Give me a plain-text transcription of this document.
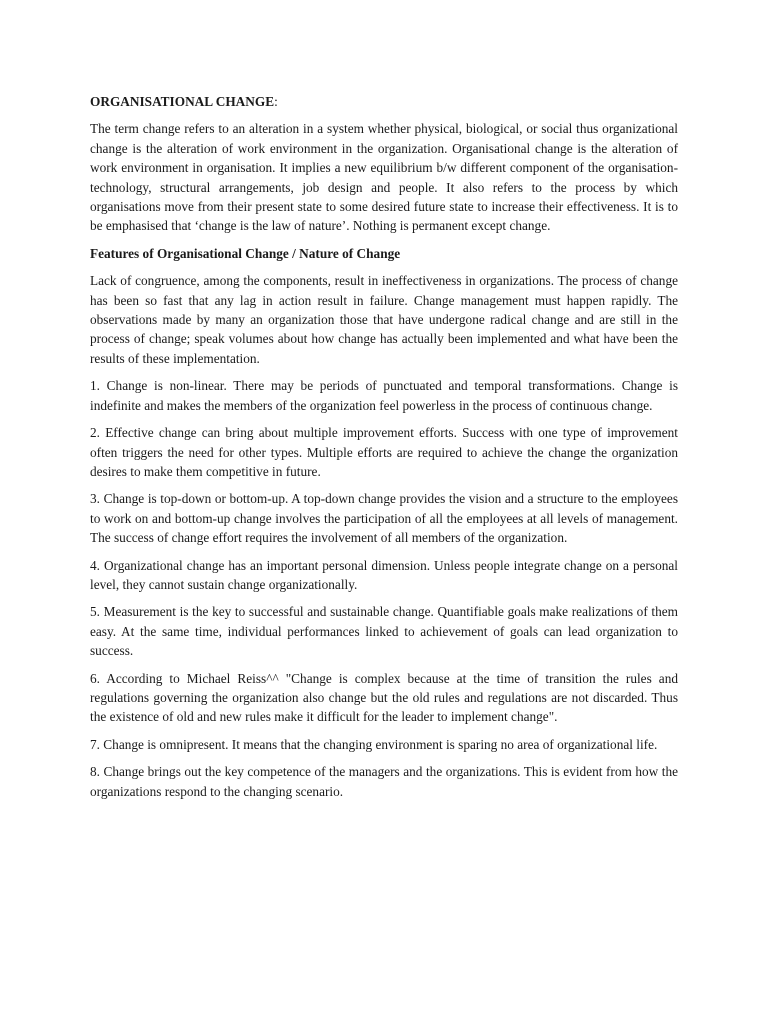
ORGANISATIONAL CHANGE:

The term change refers to an alteration in a system whether physical, biological, or social thus organizational change is the alteration of work environment in the organization. Organisational change is the alteration of work environment in organisation. It implies a new equilibrium b/w different component of the organisation-technology, structural arrangements, job design and people. It also refers to the process by which organisations move from their present state to some desired future state to increase their effectiveness. It is to be emphasised that ‘change is the law of nature’. Nothing is permanent except change.

Features of Organisational Change / Nature of Change

Lack of congruence, among the components, result in ineffectiveness in organizations. The process of change has been so fast that any lag in action result in failure. Change management must happen rapidly. The observations made by many an organization those that have undergone radical change and are still in the process of change; speak volumes about how change has actually been implemented and what have been the results of these implementation.

1. Change is non-linear. There may be periods of punctuated and temporal transformations. Change is indefinite and makes the members of the organization feel powerless in the process of continuous change.

2. Effective change can bring about multiple improvement efforts. Success with one type of improvement often triggers the need for other types. Multiple efforts are required to achieve the change the organization desires to make them competitive in future.

3. Change is top-down or bottom-up. A top-down change provides the vision and a structure to the employees to work on and bottom-up change involves the participation of all the employees at all levels of management. The success of change effort requires the involvement of all members of the organization.

4. Organizational change has an important personal dimension. Unless people integrate change on a personal level, they cannot sustain change organizationally.

5. Measurement is the key to successful and sustainable change. Quantifiable goals make realizations of them easy. At the same time, individual performances linked to achievement of goals can lead organization to success.

6. According to Michael Reiss^^ "Change is complex because at the time of transition the rules and regulations governing the organization also change but the old rules and regulations are not discarded. Thus the existence of old and new rules make it difficult for the leader to implement change".

7. Change is omnipresent. It means that the changing environment is sparing no area of organizational life.

8. Change brings out the key competence of the managers and the organizations. This is evident from how the organizations respond to the changing scenario.
